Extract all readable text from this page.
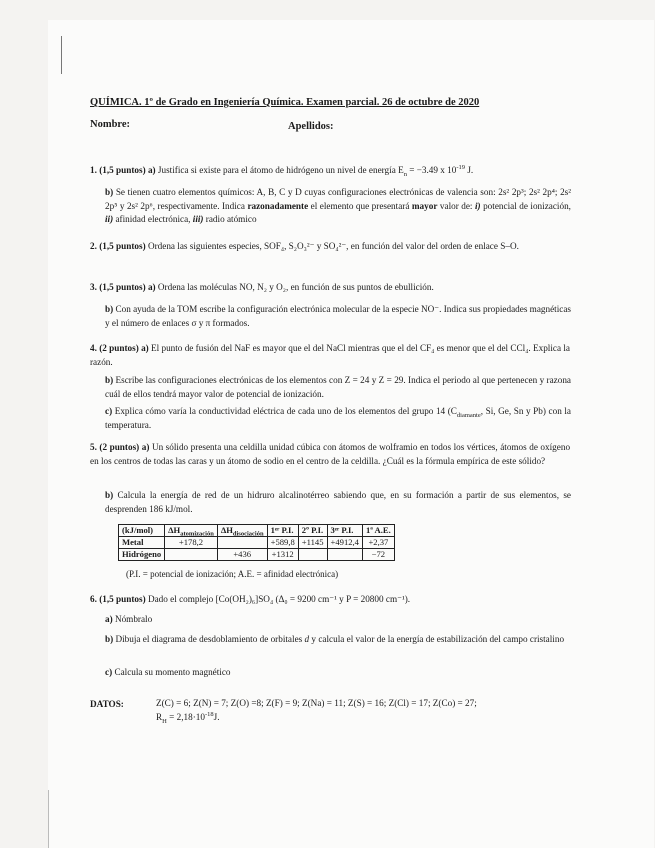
QUÍMICA. 1º de Grado en Ingeniería Química. Examen parcial. 26 de octubre de 2020
Nombre:	Apellidos:
1. (1,5 puntos) a) Justifica si existe para el átomo de hidrógeno un nivel de energía $E_n = -3.49$ x $10^{-19}$ J.
b) Se tienen cuatro elementos químicos: A, B, C y D cuyas configuraciones electrónicas de valencia son: 2s² 2p³; 2s² 2p⁴; 2s² 2p⁵ y 2s² 2p⁶, respectivamente. Indica razonadamente el elemento que presentará mayor valor de: i) potencial de ionización, ii) afinidad electrónica, iii) radio atómico
2. (1,5 puntos) Ordena las siguientes especies, SOF₄, S₂O₃²⁻ y SO₄²⁻, en función del valor del orden de enlace S–O.
3. (1,5 puntos) a) Ordena las moléculas NO, N₂ y O₂, en función de sus puntos de ebullición.
b) Con ayuda de la TOM escribe la configuración electrónica molecular de la especie NO⁻. Indica sus propiedades magnéticas y el número de enlaces σ y π formados.
4. (2 puntos) a) El punto de fusión del NaF es mayor que el del NaCl mientras que el del CF₄ es menor que el del CCl₄. Explica la razón.
b) Escribe las configuraciones electrónicas de los elementos con Z = 24 y Z = 29. Indica el periodo al que pertenecen y razona cuál de ellos tendrá mayor valor de potencial de ionización.
c) Explica cómo varía la conductividad eléctrica de cada uno de los elementos del grupo 14 ($C_{diamante}$, Si, Ge, Sn y Pb) con la temperatura.
5. (2 puntos) a) Un sólido presenta una celdilla unidad cúbica con átomos de wolframio en todos los vértices, átomos de oxígeno en los centros de todas las caras y un átomo de sodio en el centro de la celdilla. ¿Cuál es la fórmula empírica de este sólido?
b) Calcula la energía de red de un hidruro alcalinotérreo sabiendo que, en su formación a partir de sus elementos, se desprenden 186 kJ/mol.
(kJ/mol)	$\Delta H_{atomización}$	$\Delta H_{disociación}$	1ᵉʳ P.I.	2º P.I.	3ᵉʳ P.I.	1ª A.E.
Metal	+178,2		+589,8	+1145	+4912,4	+2,37
Hidrógeno		+436	+1312			−72
(P.I. = potencial de ionización; A.E. = afinidad electrónica)
6. (1,5 puntos) Dado el complejo [Co(OH₂)₆]SO₄ (Δ₀ = 9200 cm⁻¹ y P = 20800 cm⁻¹).
a) Nómbralo
b) Dibuja el diagrama de desdoblamiento de orbitales d y calcula el valor de la energía de estabilización del campo cristalino
c) Calcula su momento magnético
DATOS:	Z(C) = 6; Z(N) = 7; Z(O) =8; Z(F) = 9; Z(Na) = 11; Z(S) = 16; Z(Cl) = 17; Z(Co) = 27;
$R_H = 2,18\cdot 10^{-18}J$.
